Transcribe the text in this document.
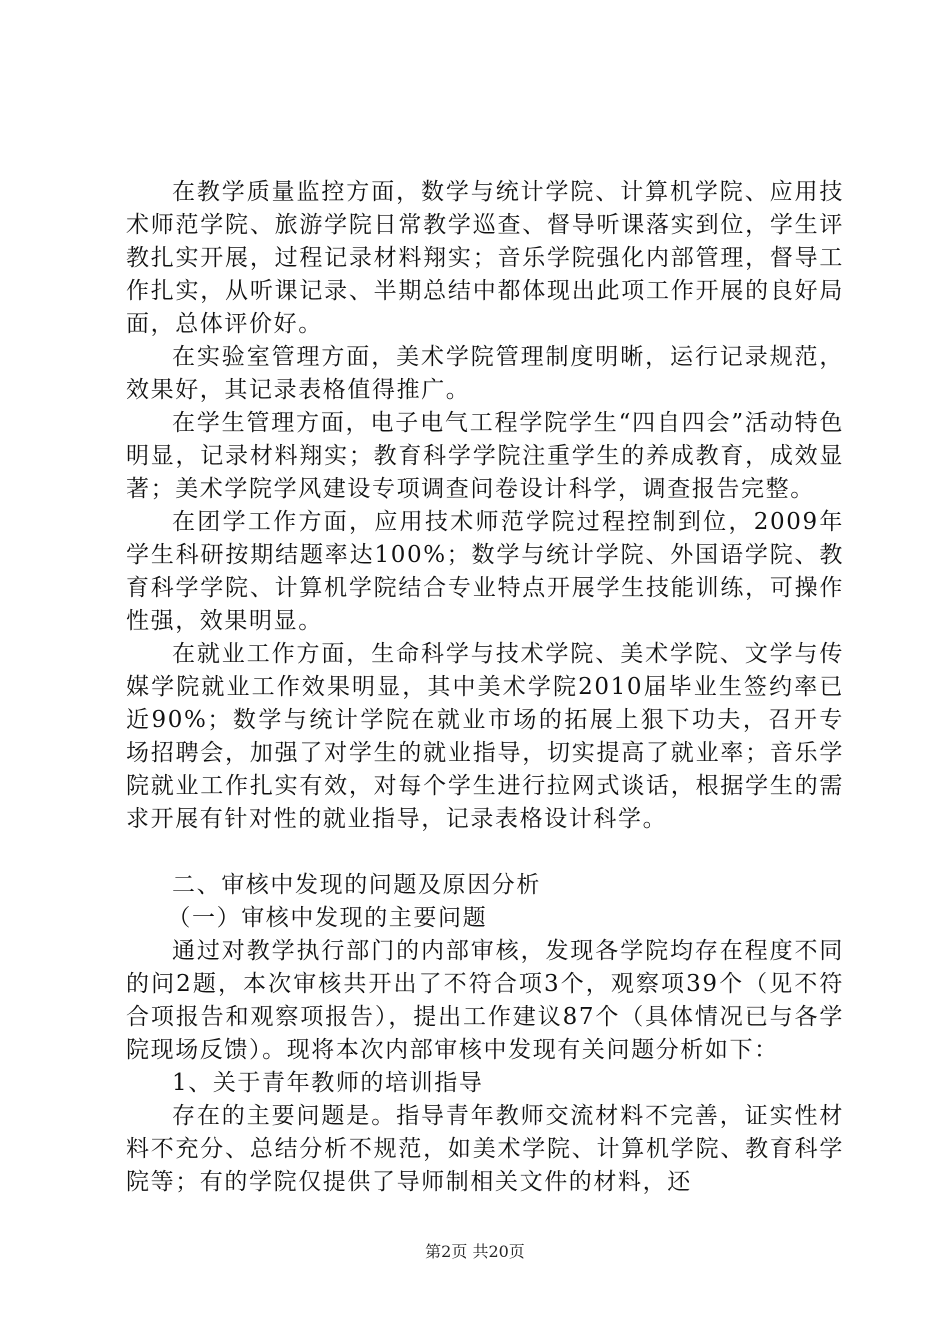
在教学质量监控方面，数学与统计学院、计算机学院、应用技术师范学院、旅游学院日常教学巡查、督导听课落实到位，学生评教扎实开展，过程记录材料翔实；音乐学院强化内部管理，督导工作扎实，从听课记录、半期总结中都体现出此项工作开展的良好局面，总体评价好。

在实验室管理方面，美术学院管理制度明晰，运行记录规范，效果好，其记录表格值得推广。

在学生管理方面，电子电气工程学院学生“四自四会”活动特色明显，记录材料翔实；教育科学学院注重学生的养成教育，成效显著；美术学院学风建设专项调查问卷设计科学，调查报告完整。

在团学工作方面，应用技术师范学院过程控制到位，2009年学生科研按期结题率达100%；数学与统计学院、外国语学院、教育科学学院、计算机学院结合专业特点开展学生技能训练，可操作性强，效果明显。

在就业工作方面，生命科学与技术学院、美术学院、文学与传媒学院就业工作效果明显，其中美术学院2010届毕业生签约率已近90%；数学与统计学院在就业市场的拓展上狠下功夫，召开专场招聘会，加强了对学生的就业指导，切实提高了就业率；音乐学院就业工作扎实有效，对每个学生进行拉网式谈话，根据学生的需求开展有针对性的就业指导，记录表格设计科学。

二、审核中发现的问题及原因分析

（一）审核中发现的主要问题

通过对教学执行部门的内部审核，发现各学院均存在程度不同的问2题，本次审核共开出了不符合项3个，观察项39个（见不符合项报告和观察项报告），提出工作建议87个（具体情况已与各学院现场反馈）。现将本次内部审核中发现有关问题分析如下：

1、关于青年教师的培训指导

存在的主要问题是。指导青年教师交流材料不完善，证实性材料不充分、总结分析不规范，如美术学院、计算机学院、教育科学院等；有的学院仅提供了导师制相关文件的材料，还

第2页 共20页
